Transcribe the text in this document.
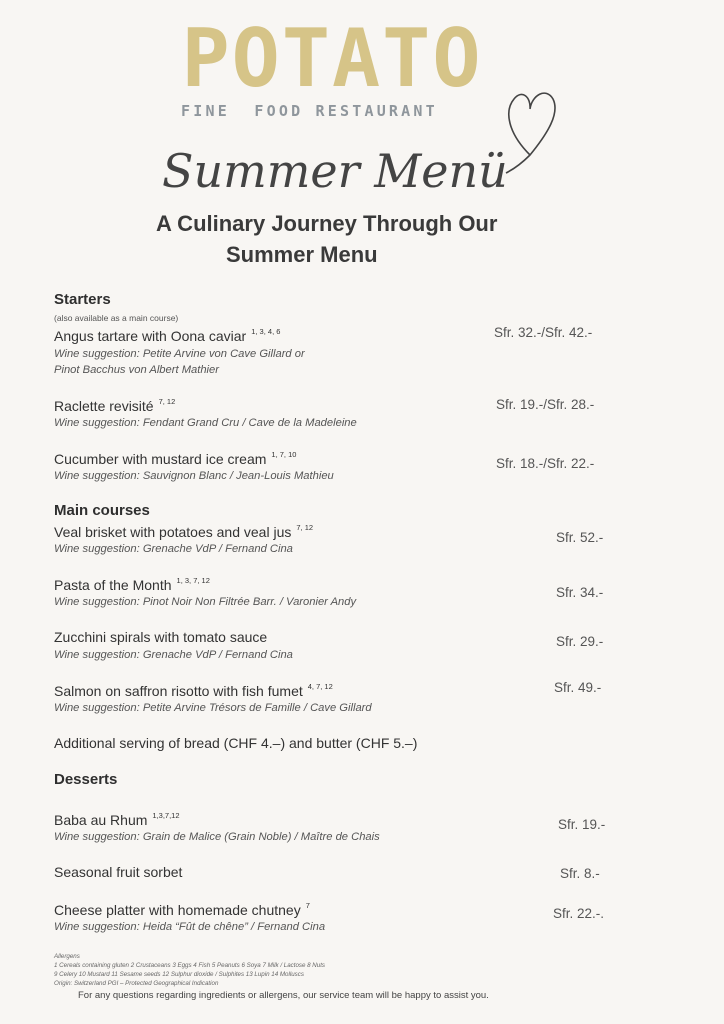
POTATO
FINE  FOOD RESTAURANT
Summer Menü
A Culinary Journey Through Our
Summer Menu
Starters
(also available as a main course)
Angus tartare with Oona caviar $^{1, 3, 4, 6}$
Wine suggestion: Petite Arvine von Cave Gillard or
Pinot Bacchus von Albert Mathier
Sfr. 32.-/Sfr. 42.-
Raclette revisité $^{7, 12}$
Wine suggestion: Fendant Grand Cru / Cave de la Madeleine
Sfr. 19.-/Sfr. 28.-
Cucumber with mustard ice cream $^{1, 7, 10}$
Wine suggestion: Sauvignon Blanc / Jean-Louis Mathieu
Sfr. 18.-/Sfr. 22.-
Main courses
Veal brisket with potatoes and veal jus $^{7, 12}$
Wine suggestion: Grenache VdP / Fernand Cina
Sfr. 52.-
Pasta of the Month $^{1, 3, 7, 12}$
Wine suggestion: Pinot Noir Non Filtrée Barr. / Varonier Andy
Sfr. 34.-
Zucchini spirals with tomato sauce
Wine suggestion: Grenache VdP / Fernand Cina
Sfr. 29.-
Salmon on saffron risotto with fish fumet $^{4, 7, 12}$
Wine suggestion: Petite Arvine Trésors de Famille / Cave Gillard
Sfr. 49.-
Additional serving of bread (CHF 4.–) and butter (CHF 5.–)
Desserts
Baba au Rhum $^{1,3,7,12}$
Wine suggestion: Grain de Malice (Grain Noble) / Maître de Chais
Sfr. 19.-
Seasonal fruit sorbet	Sfr. 8.-
Cheese platter with homemade chutney $^7$
Wine suggestion: Heida “Fût de chêne” / Fernand Cina
Sfr. 22.-.
Allergens
1 Cereals containing gluten 2 Crustaceans 3 Eggs 4 Fish 5 Peanuts 6 Soya 7 Milk / Lactose 8 Nuts
9 Celery 10 Mustard 11 Sesame seeds 12 Sulphur dioxide / Sulphites 13 Lupin 14 Molluscs
Origin: Switzerland PGI – Protected Geographical Indication
For any questions regarding ingredients or allergens, our service team will be happy to assist you.
